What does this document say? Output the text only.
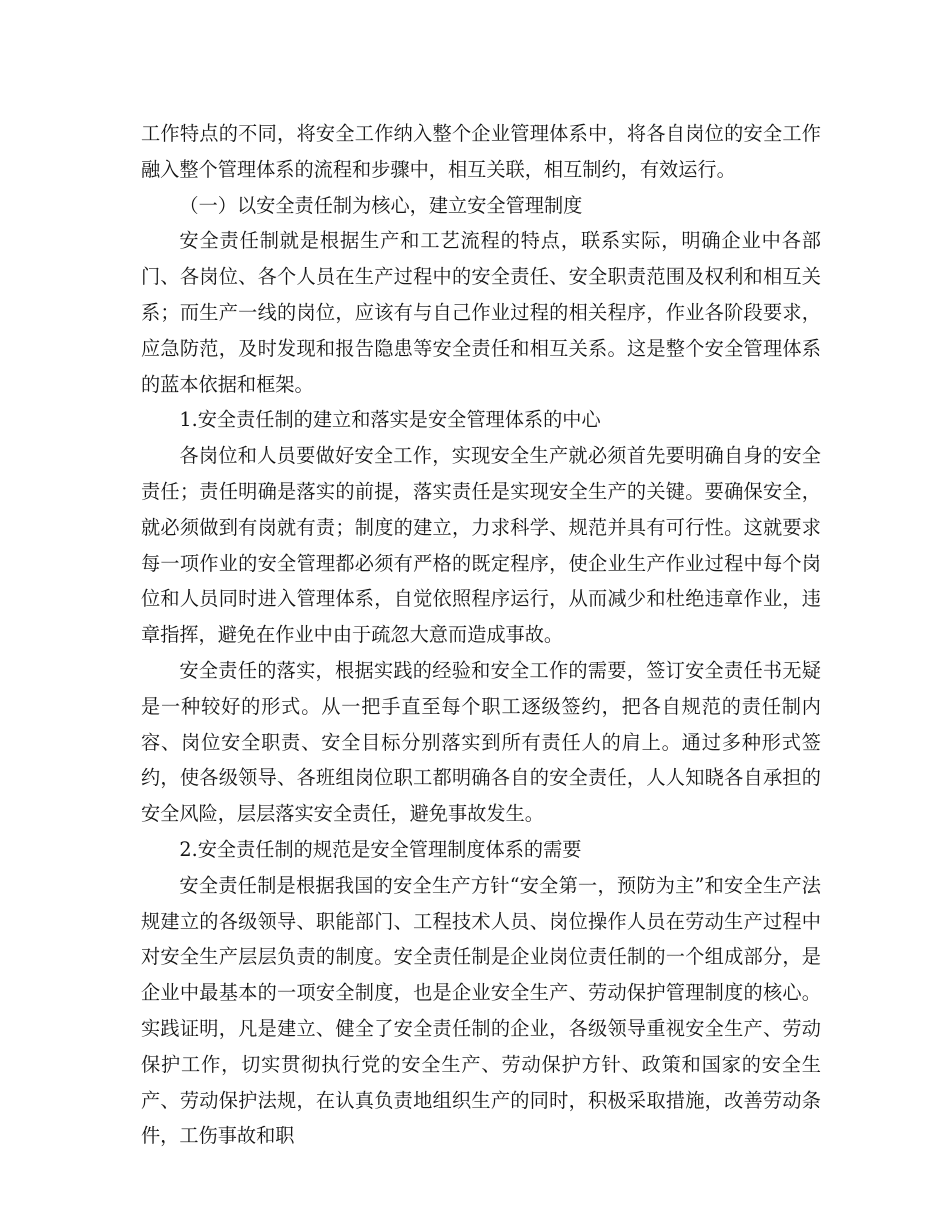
工作特点的不同，将安全工作纳入整个企业管理体系中，将各自岗位的安全工作融入整个管理体系的流程和步骤中，相互关联，相互制约，有效运行。

（一）以安全责任制为核心，建立安全管理制度

安全责任制就是根据生产和工艺流程的特点，联系实际，明确企业中各部门、各岗位、各个人员在生产过程中的安全责任、安全职责范围及权利和相互关系；而生产一线的岗位，应该有与自己作业过程的相关程序，作业各阶段要求，应急防范，及时发现和报告隐患等安全责任和相互关系。这是整个安全管理体系的蓝本依据和框架。

1.安全责任制的建立和落实是安全管理体系的中心

各岗位和人员要做好安全工作，实现安全生产就必须首先要明确自身的安全责任；责任明确是落实的前提，落实责任是实现安全生产的关键。要确保安全，就必须做到有岗就有责；制度的建立，力求科学、规范并具有可行性。这就要求每一项作业的安全管理都必须有严格的既定程序，使企业生产作业过程中每个岗位和人员同时进入管理体系，自觉依照程序运行，从而减少和杜绝违章作业，违章指挥，避免在作业中由于疏忽大意而造成事故。

安全责任的落实，根据实践的经验和安全工作的需要，签订安全责任书无疑是一种较好的形式。从一把手直至每个职工逐级签约，把各自规范的责任制内容、岗位安全职责、安全目标分别落实到所有责任人的肩上。通过多种形式签约，使各级领导、各班组岗位职工都明确各自的安全责任，人人知晓各自承担的安全风险，层层落实安全责任，避免事故发生。

2.安全责任制的规范是安全管理制度体系的需要

安全责任制是根据我国的安全生产方针“安全第一，预防为主”和安全生产法规建立的各级领导、职能部门、工程技术人员、岗位操作人员在劳动生产过程中对安全生产层层负责的制度。安全责任制是企业岗位责任制的一个组成部分，是企业中最基本的一项安全制度，也是企业安全生产、劳动保护管理制度的核心。实践证明，凡是建立、健全了安全责任制的企业，各级领导重视安全生产、劳动保护工作，切实贯彻执行党的安全生产、劳动保护方针、政策和国家的安全生产、劳动保护法规，在认真负责地组织生产的同时，积极采取措施，改善劳动条件，工伤事故和职
